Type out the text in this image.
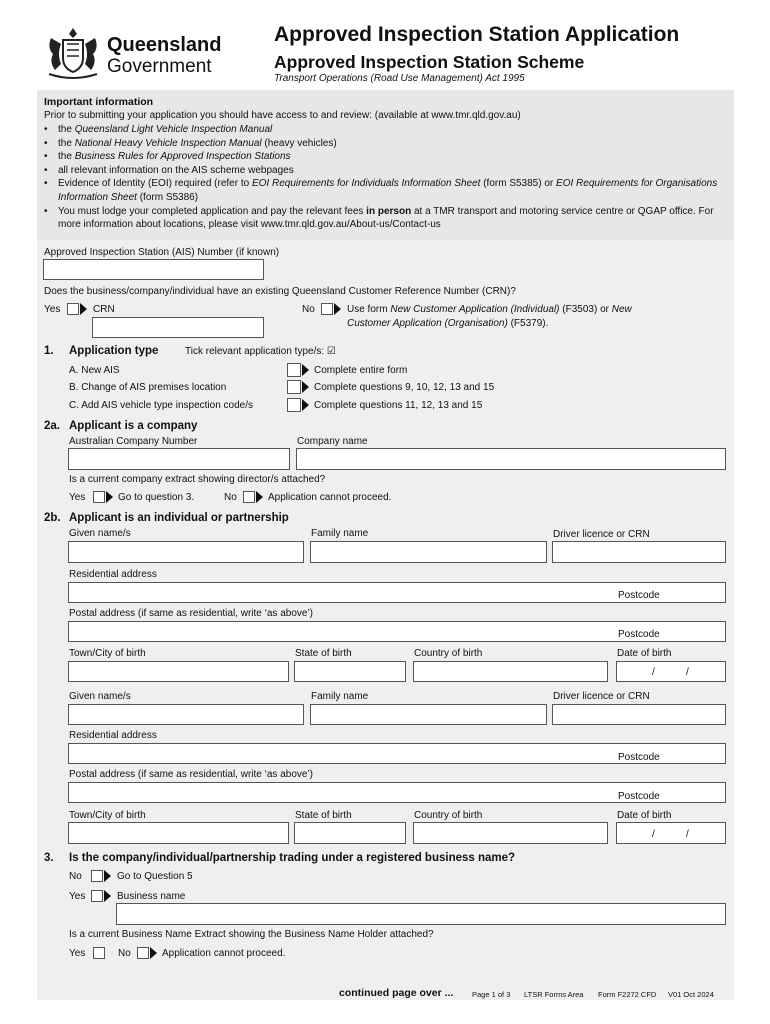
Queensland
Government
Approved Inspection Station Application
Approved Inspection Station Scheme
Transport Operations (Road Use Management) Act 1995
Important information
Prior to submitting your application you should have access to and review: (available at www.tmr.qld.gov.au)
• the Queensland Light Vehicle Inspection Manual
• the National Heavy Vehicle Inspection Manual (heavy vehicles)
• the Business Rules for Approved Inspection Stations
• all relevant information on the AIS scheme webpages
• Evidence of Identity (EOI) required (refer to EOI Requirements for Individuals Information Sheet (form S5385) or EOI Requirements for Organisations Information Sheet (form S5386)
• You must lodge your completed application and pay the relevant fees in person at a TMR transport and motoring service centre or QGAP office. For more information about locations, please visit www.tmr.qld.gov.au/About-us/Contact-us
Approved Inspection Station (AIS) Number (if known)
Does the business/company/individual have an existing Queensland Customer Reference Number (CRN)?
Yes	CRN	No	Use form New Customer Application (Individual) (F3503) or New
Customer Application (Organisation) (F5379).
1. Application type	Tick relevant application type/s: ☑
A. New AIS	Complete entire form
B. Change of AIS premises location	Complete questions 9, 10, 12, 13 and 15
C. Add AIS vehicle type inspection code/s	Complete questions 11, 12, 13 and 15
2a. Applicant is a company
Australian Company Number	Company name
Is a current company extract showing director/s attached?
Yes	Go to question 3.	No	Application cannot proceed.
2b. Applicant is an individual or partnership
Given name/s	Family name	Driver licence or CRN
Residential address
Postcode
Postal address (if same as residential, write ‘as above’)
Postcode
Town/City of birth	State of birth	Country of birth	Date of birth
/	/
Given name/s	Family name	Driver licence or CRN
Residential address
Postcode
Postal address (if same as residential, write ‘as above’)
Postcode
Town/City of birth	State of birth	Country of birth	Date of birth
/	/
3. Is the company/individual/partnership trading under a registered business name?
No	Go to Question 5
Yes	Business name
Is a current Business Name Extract showing the Business Name Holder attached?
Yes	No	Application cannot proceed.
continued page over ... Page 1 of 3 LTSR Forms Area Form F2272 CFD V01 Oct 2024
